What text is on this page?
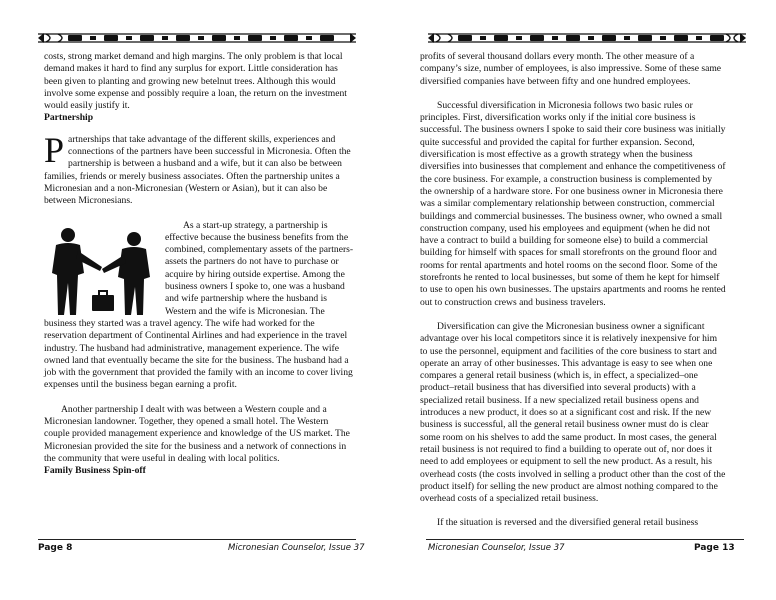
costs, strong market demand and high margins. The only problem is that local demand makes it hard to find any surplus for export. Little consideration has been given to planting and growing new betelnut trees. Although this would involve some expense and possibly require a loan, the return on the investment would easily justify it.

Partnership

Partnerships that take advantage of the different skills, experiences and connections of the partners have been successful in Micronesia. Often the partnership is between a husband and a wife, but it can also be between families, friends or merely business associates. Often the partnership unites a Micronesian and a non-Micronesian (Western or Asian), but it can also be between Micronesians.

As a start-up strategy, a partnership is effective because the business benefits from the combined, complementary assets of the partners-assets the partners do not have to purchase or acquire by hiring outside expertise. Among the business owners I spoke to, one was a husband and wife partnership where the husband is Western and the wife is Micronesian. The business they started was a travel agency. The wife had worked for the reservation department of Continental Airlines and had experience in the travel industry. The husband had administrative, management experience. The wife owned land that eventually became the site for the business. The husband had a job with the government that provided the family with an income to cover living expenses until the business began earning a profit.

Another partnership I dealt with was between a Western couple and a Micronesian landowner. Together, they opened a small hotel. The Western couple provided management experience and knowledge of the US market. The Micronesian provided the site for the business and a network of connections in the community that were useful in dealing with local politics.

Family Business Spin-off

Page 8	Micronesian Counselor, Issue 37

profits of several thousand dollars every month. The other measure of a company’s size, number of employees, is also impressive. Some of these same diversified companies have between fifty and one hundred employees.

Successful diversification in Micronesia follows two basic rules or principles. First, diversification works only if the initial core business is successful. The business owners I spoke to said their core business was initially quite successful and provided the capital for further expansion. Second, diversification is most effective as a growth strategy when the business diversifies into businesses that complement and enhance the competitiveness of the core business. For example, a construction business is complemented by the ownership of a hardware store. For one business owner in Micronesia there was a similar complementary relationship between construction, commercial buildings and commercial businesses. The business owner, who owned a small construction company, used his employees and equipment (when he did not have a contract to build a building for someone else) to build a commercial building for himself with spaces for small storefronts on the ground floor and rooms for rental apartments and hotel rooms on the second floor. Some of the storefronts he rented to local businesses, but some of them he kept for himself to use to open his own businesses. The upstairs apartments and rooms he rented out to construction crews and business travelers.

Diversification can give the Micronesian business owner a significant advantage over his local competitors since it is relatively inexpensive for him to use the personnel, equipment and facilities of the core business to start and operate an array of other businesses. This advantage is easy to see when one compares a general retail business (which is, in effect, a specialized–one product–retail business that has diversified into several products) with a specialized retail business. If a new specialized retail business opens and introduces a new product, it does so at a significant cost and risk. If the new business is successful, all the general retail business owner must do is clear some room on his shelves to add the same product. In most cases, the general retail business is not required to find a building to operate out of, nor does it need to add employees or equipment to sell the new product. As a result, his overhead costs (the costs involved in selling a product other than the cost of the product itself) for selling the new product are almost nothing compared to the overhead costs of a specialized retail business.

If the situation is reversed and the diversified general retail business

Micronesian Counselor, Issue 37	Page 13
